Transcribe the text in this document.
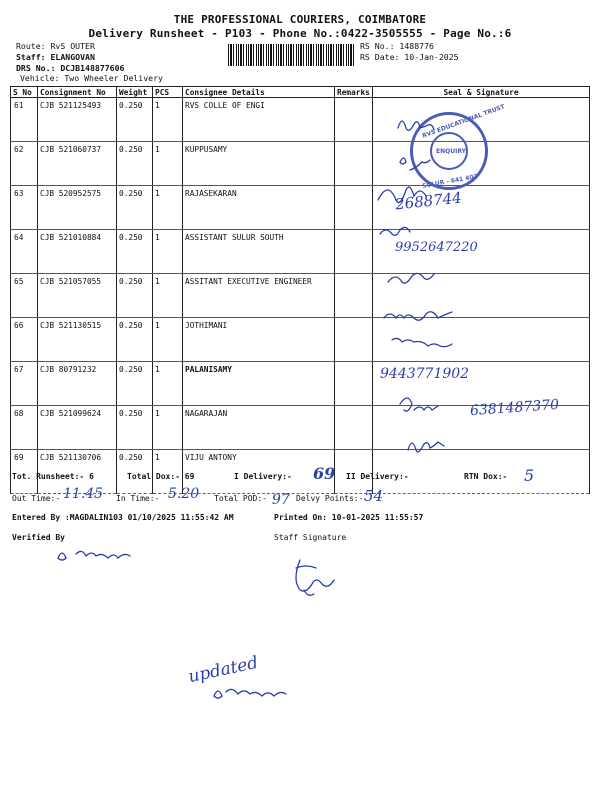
THE PROFESSIONAL COURIERS, COIMBATORE
Delivery Runsheet - P103 - Phone No.:0422-3505555 - Page No.:6
Route: RvS OUTER
Staff: ELANGOVAN
DRS No.: DCJB148877606
Vehicle: Two Wheeler Delivery
RS No.: 1488776
RS Date: 10-Jan-2025
S No	Consignment No	Weight	PCS	Consignee Details	Remarks	Seal & Signature
61	CJB 521125493	0.250	1	RVS COLLE OF ENGI		
62	CJB 521060737	0.250	1	KUPPUSAMY		
63	CJB 520952575	0.250	1	RAJASEKARAN		
64	CJB 521010884	0.250	1	ASSISTANT SULUR SOUTH		
65	CJB 521057055	0.250	1	ASSITANT EXECUTIVE ENGINEER		
66	CJB 521130515	0.250	1	JOTHIMANI		
67	CJB 80791232	0.250	1	PALANISAMY		
68	CJB 521099624	0.250	1	NAGARAJAN		
69	CJB 521130706	0.250	1	VIJU ANTONY		
RVS EDUCATIONAL TRUST
ENQUIRY
SULUR - 641 402
2688744
9952647220
9443771902
6381487370
Tot. Runsheet:- 6	Total Dox:- 69	I Delivery:- 69 II Delivery:-	RTN Dox:- 5
Out Time:- 11.45 In Time:- 5.20 Total POD:- 97 Delvy Points:- 54
Entered By :MAGDALIN103 01/10/2025 11:55:42 AM	Printed On: 10-01-2025 11:55:57
Verified By	Staff Signature
updated
